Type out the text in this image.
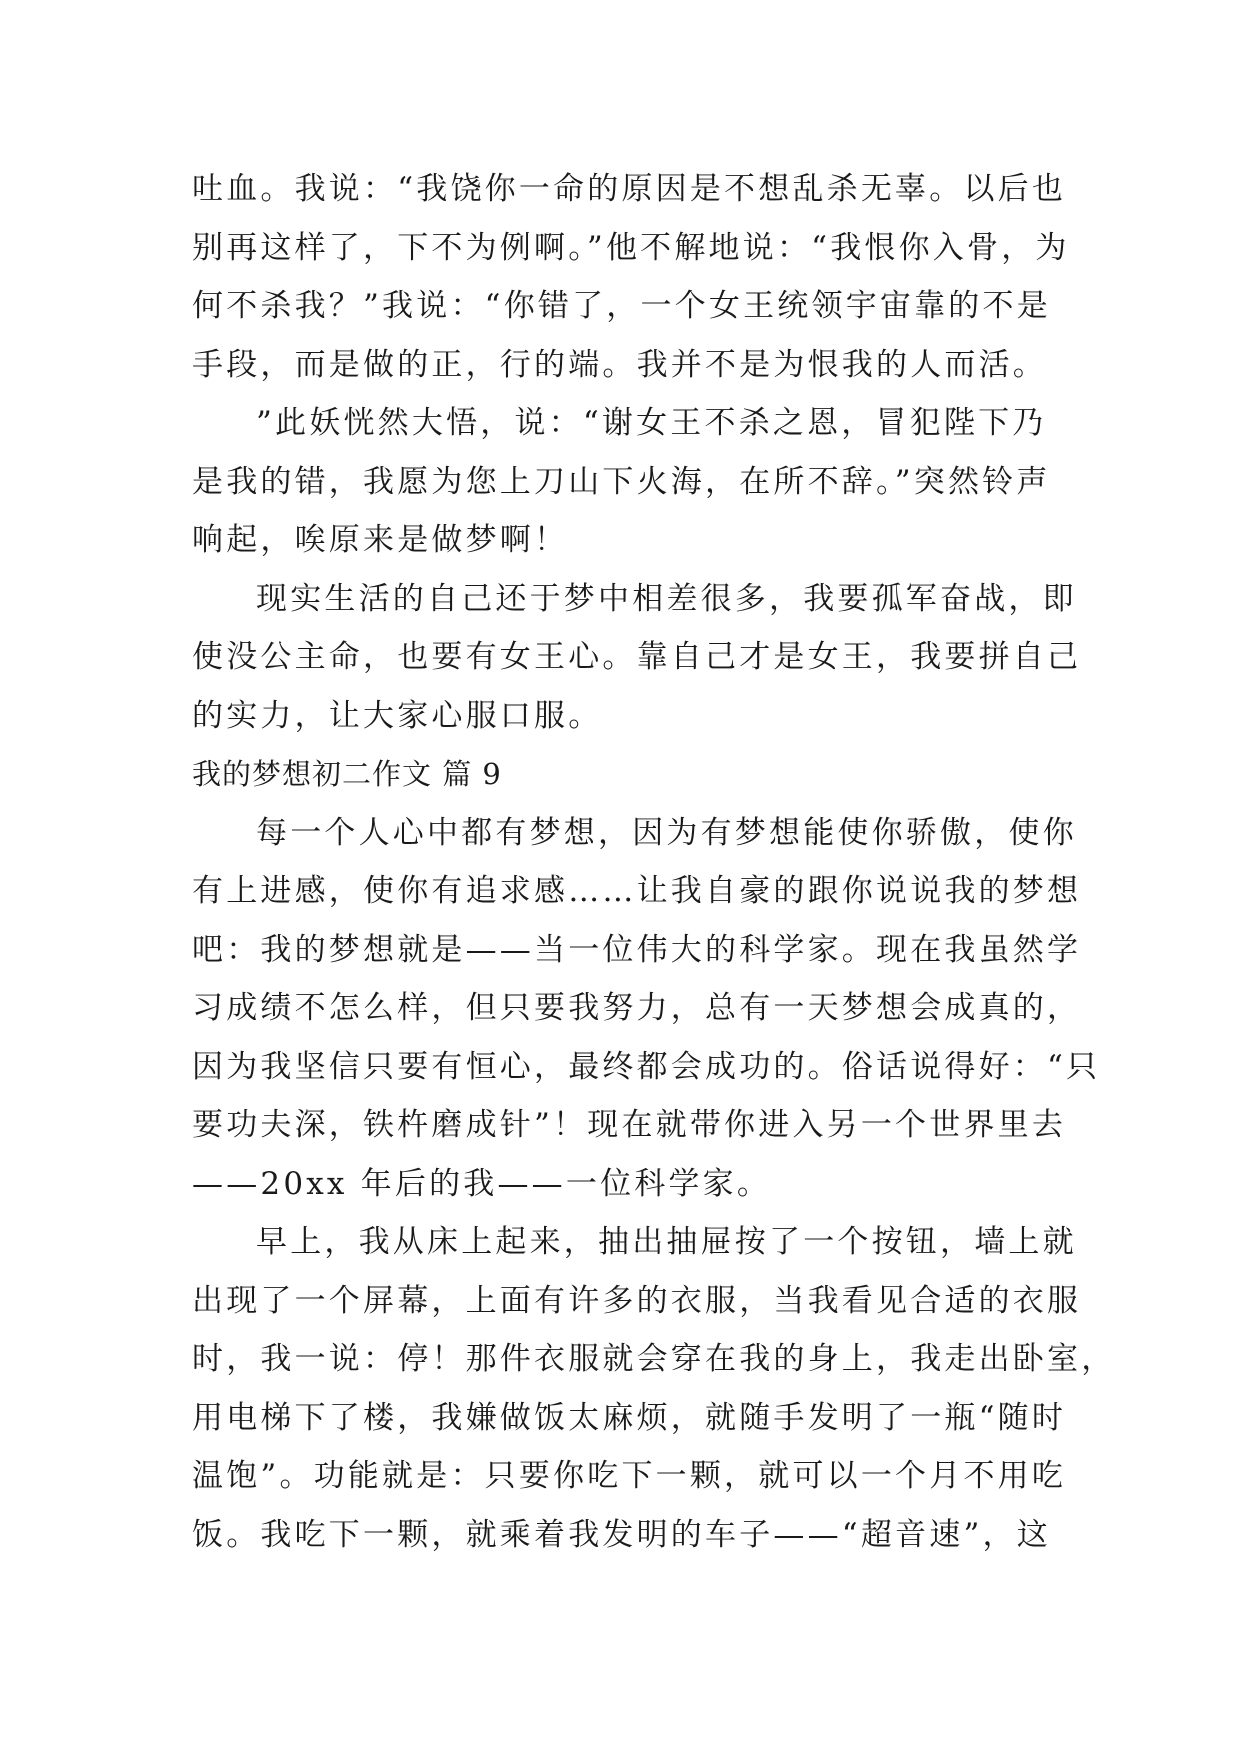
吐血。我说：“我饶你一命的原因是不想乱杀无辜。以后也
别再这样了，下不为例啊。”他不解地说：“我恨你入骨，为
何不杀我？”我说：“你错了，一个女王统领宇宙靠的不是
手段，而是做的正，行的端。我并不是为恨我的人而活。
”此妖恍然大悟，说：“谢女王不杀之恩，冒犯陛下乃
是我的错，我愿为您上刀山下火海，在所不辞。”突然铃声
响起，唉原来是做梦啊！
现实生活的自己还于梦中相差很多，我要孤军奋战，即
使没公主命，也要有女王心。靠自己才是女王，我要拼自己
的实力，让大家心服口服。
我的梦想初二作文 篇 9
每一个人心中都有梦想，因为有梦想能使你骄傲，使你
有上进感，使你有追求感……让我自豪的跟你说说我的梦想
吧：我的梦想就是——当一位伟大的科学家。现在我虽然学
习成绩不怎么样，但只要我努力，总有一天梦想会成真的，
因为我坚信只要有恒心，最终都会成功的。俗话说得好：“只
要功夫深，铁杵磨成针”！现在就带你进入另一个世界里去
——20xx 年后的我——一位科学家。
早上，我从床上起来，抽出抽屉按了一个按钮，墙上就
出现了一个屏幕，上面有许多的衣服，当我看见合适的衣服
时，我一说：停！那件衣服就会穿在我的身上，我走出卧室，
用电梯下了楼，我嫌做饭太麻烦，就随手发明了一瓶“随时
温饱”。功能就是：只要你吃下一颗，就可以一个月不用吃
饭。我吃下一颗，就乘着我发明的车子——“超音速”，这
